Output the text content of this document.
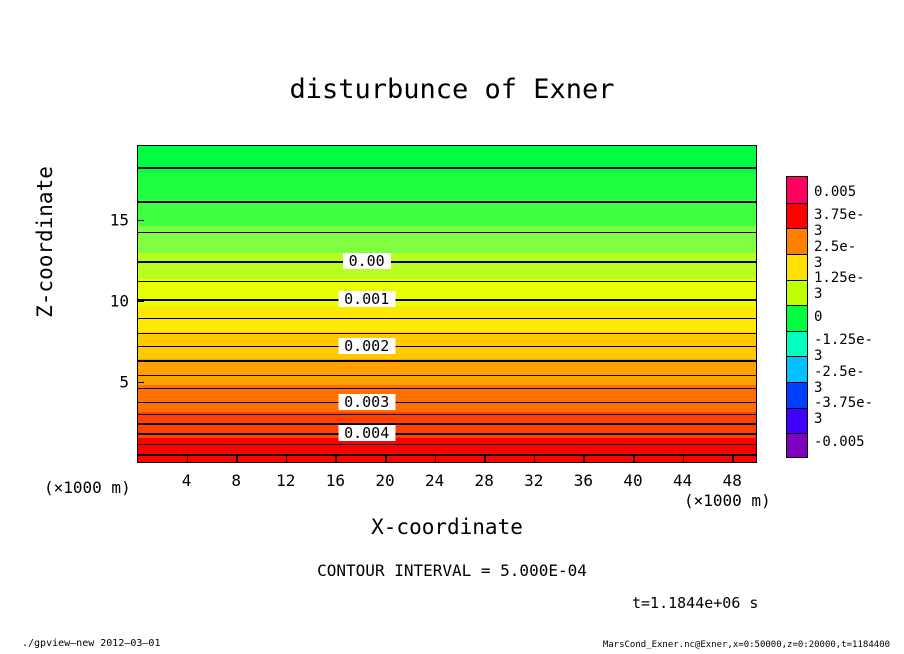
disturbunce of Exner
0.00
0.001
0.002
0.003
0.004
Z-coordinate
X-coordinate
(×1000 m)
(×1000 m)
4 8 12 16 20 24 28 32 36 40 44 48
5
10
15
0.005
3.75e-3
2.5e-3
1.25e-3
0
-1.25e-3
-2.5e-3
-3.75e-3
-0.005
CONTOUR INTERVAL = 5.000E-04
t=1.1844e+06 s
./gpview–new 2012–03–01	MarsCond_Exner.nc@Exner,x=0:50000,z=0:20000,t=1184400
